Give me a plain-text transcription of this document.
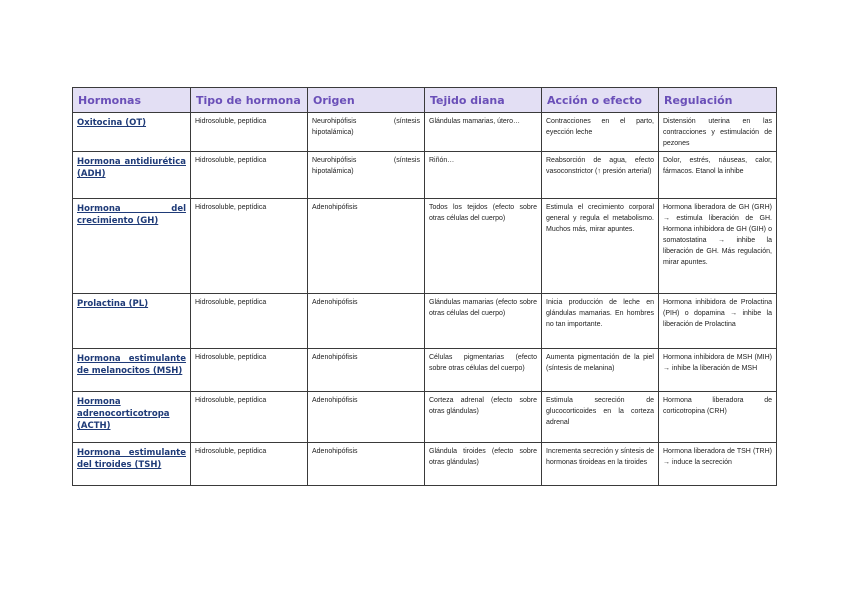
Hormonas	Tipo de hormona	Origen	Tejido diana	Acción o efecto	Regulación
Oxitocina (OT)	Hidrosoluble, peptídica	Neurohipófisis (síntesis hipotalámica)	Glándulas mamarias, útero…	Contracciones en el parto, eyección leche	Distensión uterina en las contracciones y estimulación de pezones
Hormona antidiurética (ADH)	Hidrosoluble, peptídica	Neurohipófisis (síntesis hipotalámica)	Riñón…	Reabsorción de agua, efecto vasoconstrictor (↑ presión arterial)	Dolor, estrés, náuseas, calor, fármacos. Etanol la inhibe
Hormona del crecimiento (GH)	Hidrosoluble, peptídica	Adenohipófisis	Todos los tejidos (efecto sobre otras células del cuerpo)	Estimula el crecimiento corporal general y regula el metabolismo. Muchos más, mirar apuntes.	Hormona liberadora de GH (GRH) → estimula liberación de GH. Hormona inhibidora de GH (GIH) o somatostatina → inhibe la liberación de GH. Más regulación, mirar apuntes.
Prolactina (PL)	Hidrosoluble, peptídica	Adenohipófisis	Glándulas mamarias (efecto sobre otras células del cuerpo)	Inicia producción de leche en glándulas mamarias. En hombres no tan importante.	Hormona inhibidora de Prolactina (PIH) o dopamina → inhibe la liberación de Prolactina
Hormona estimulante de melanocitos (MSH)	Hidrosoluble, peptídica	Adenohipófisis	Células pigmentarias (efecto sobre otras células del cuerpo)	Aumenta pigmentación de la piel (síntesis de melanina)	Hormona inhibidora de MSH (MIH) → inhibe la liberación de MSH
Hormona adrenocorticotropa (ACTH)	Hidrosoluble, peptídica	Adenohipófisis	Corteza adrenal (efecto sobre otras glándulas)	Estimula secreción de glucocorticoides en la corteza adrenal	Hormona liberadora de corticotropina (CRH)
Hormona estimulante del tiroides (TSH)	Hidrosoluble, peptídica	Adenohipófisis	Glándula tiroides (efecto sobre otras glándulas)	Incrementa secreción y síntesis de hormonas tiroideas en la tiroides	Hormona liberadora de TSH (TRH) → induce la secreción
